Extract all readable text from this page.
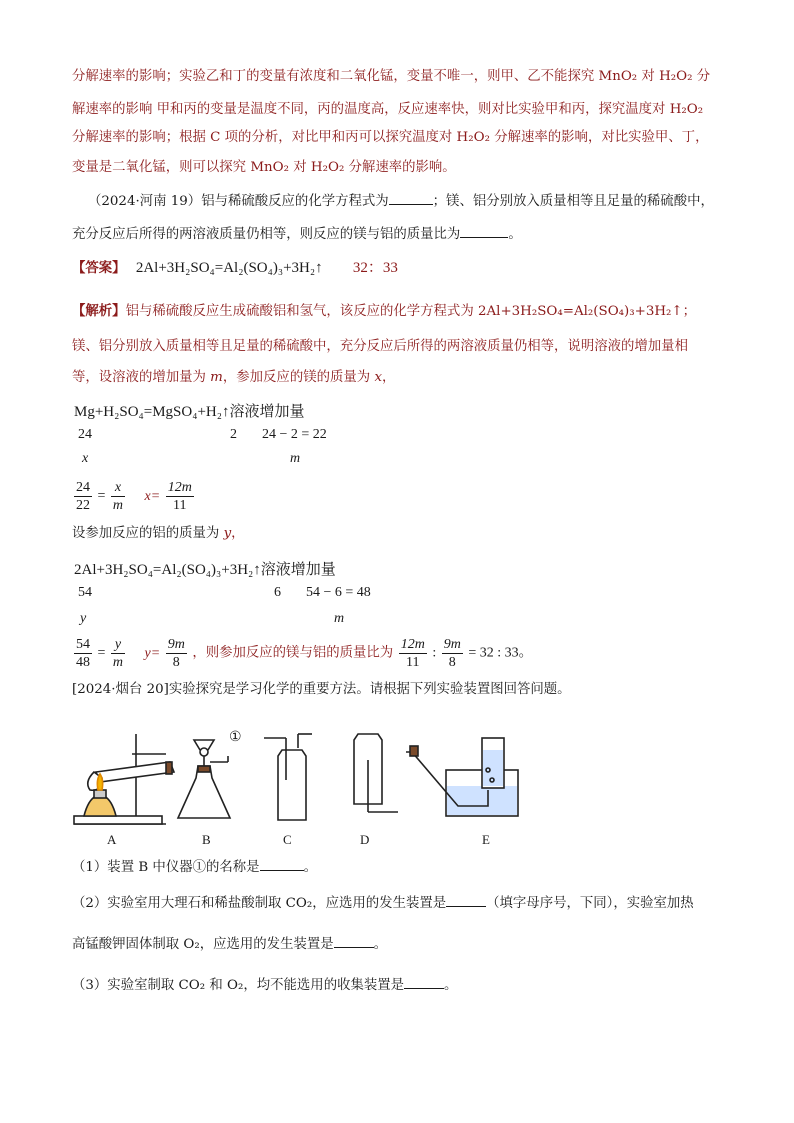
分解速率的影响；实验乙和丁的变量有浓度和二氧化锰，变量不唯一，则甲、乙不能探究 MnO₂ 对 H₂O₂ 分
解速率的影响 甲和丙的变量是温度不同，丙的温度高，反应速率快，则对比实验甲和丙，探究温度对 H₂O₂
分解速率的影响；根据 C 项的分析，对比甲和丙可以探究温度对 H₂O₂ 分解速率的影响，对比实验甲、丁，
变量是二氧化锰，则可以探究 MnO₂ 对 H₂O₂ 分解速率的影响。
（2024·河南 19）铝与稀硫酸反应的化学方程式为	；镁、铝分别放入质量相等且足量的稀硫酸中，
充分反应后所得的两溶液质量仍相等，则反应的镁与铝的质量比为	。
【答案】 2Al+3H₂SO₄=Al₂(SO₄)₃+3H₂↑ 32：33
【解析】铝与稀硫酸反应生成硫酸铝和氢气，该反应的化学方程式为 2Al+3H₂SO₄=Al₂(SO₄)₃+3H₂↑；
镁、铝分别放入质量相等且足量的稀硫酸中，充分反应后所得的两溶液质量仍相等，说明溶液的增加量相
等，设溶液的增加量为 m，参加反应的镁的质量为 x，
Mg+H₂SO₄=MgSO₄+H₂↑溶液增加量
24	2 24 − 2 = 22
x	m
$\frac{24}{22} = \frac{x}{m} x= \frac{12m}{11}$
设参加反应的铝的质量为 y，
2Al+3H₂SO₄=Al₂(SO₄)₃+3H₂↑溶液增加量
54	6 54 − 6 = 48
y	m
$\frac{54}{48} = \frac{y}{m} y= \frac{9m}{8}$ ，则参加反应的镁与铝的质量比为 $\frac{12m}{11}$ : $\frac{9m}{8} = 32$ : 33。
[2024·烟台 20]实验探究是学习化学的重要方法。请根据下列实验装置图回答问题。
①
A	B	C	D	E
（1）装置 B 中仪器①的名称是	。
（2）实验室用大理石和稀盐酸制取 CO₂，应选用的发生装置是	（填字母序号，下同），实验室加热
高锰酸钾固体制取 O₂，应选用的发生装置是	。
（3）实验室制取 CO₂ 和 O₂，均不能选用的收集装置是	。
